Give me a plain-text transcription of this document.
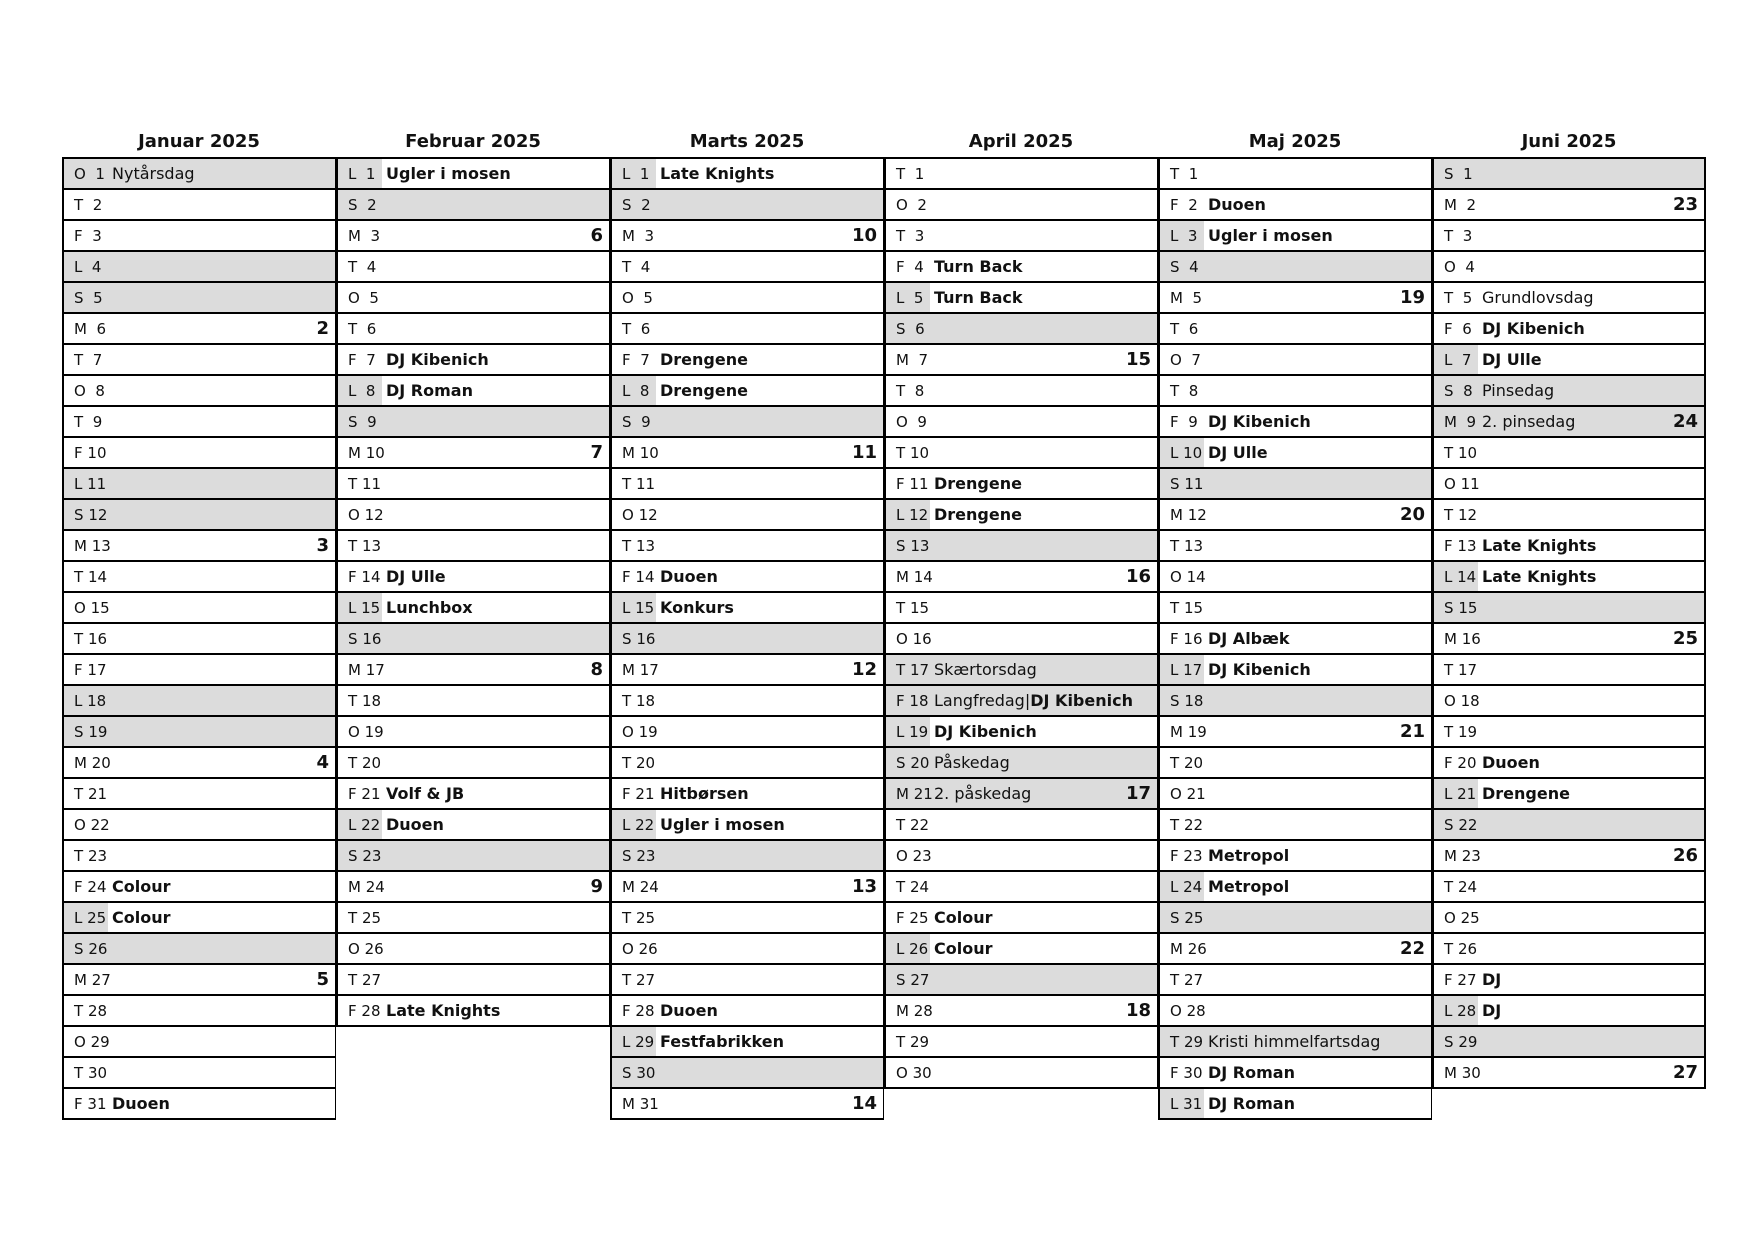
Januar 2025
O 1 Nytårsdag
T 2
F 3
L 4
S 5
M 6	2
T 7
O 8
T 9
F 10
L 11
S 12
M 13	3
T 14
O 15
T 16
F 17
L 18
S 19
M 20	4
T 21
O 22
T 23
F 24 Colour
L 25 Colour
S 26
M 27	5
T 28
O 29
T 30
F 31 Duoen
Februar 2025
L 1 Ugler i mosen
S 2
M 3	6
T 4
O 5
T 6
F 7 DJ Kibenich
L 8 DJ Roman
S 9
M 10	7
T 11
O 12
T 13
F 14 DJ Ulle
L 15 Lunchbox
S 16
M 17	8
T 18
O 19
T 20
F 21 Volf & JB
L 22 Duoen
S 23
M 24	9
T 25
O 26
T 27
F 28 Late Knights
Marts 2025
L 1 Late Knights
S 2
M 3	10
T 4
O 5
T 6
F 7 Drengene
L 8 Drengene
S 9
M 10	11
T 11
O 12
T 13
F 14 Duoen
L 15 Konkurs
S 16
M 17	12
T 18
O 19
T 20
F 21 Hitbørsen
L 22 Ugler i mosen
S 23
M 24	13
T 25
O 26
T 27
F 28 Duoen
L 29 Festfabrikken
S 30
M 31	14
April 2025
T 1
O 2
T 3
F 4 Turn Back
L 5 Turn Back
S 6
M 7	15
T 8
O 9
T 10
F 11 Drengene
L 12 Drengene
S 13
M 14	16
T 15
O 16
T 17 Skærtorsdag
F 18 Langfredag | DJ Kibenich
L 19 DJ Kibenich
S 20 Påskedag
M 21 2. påskedag	17
T 22
O 23
T 24
F 25 Colour
L 26 Colour
S 27
M 28	18
T 29
O 30
Maj 2025
T 1
F 2 Duoen
L 3 Ugler i mosen
S 4
M 5	19
T 6
O 7
T 8
F 9 DJ Kibenich
L 10 DJ Ulle
S 11
M 12	20
T 13
O 14
T 15
F 16 DJ Albæk
L 17 DJ Kibenich
S 18
M 19	21
T 20
O 21
T 22
F 23 Metropol
L 24 Metropol
S 25
M 26	22
T 27
O 28
T 29 Kristi himmelfartsdag
F 30 DJ Roman
L 31 DJ Roman
Juni 2025
S 1
M 2	23
T 3
O 4
T 5 Grundlovsdag
F 6 DJ Kibenich
L 7 DJ Ulle
S 8 Pinsedag
M 9 2. pinsedag	24
T 10
O 11
T 12
F 13 Late Knights
L 14 Late Knights
S 15
M 16	25
T 17
O 18
T 19
F 20 Duoen
L 21 Drengene
S 22
M 23	26
T 24
O 25
T 26
F 27 DJ
L 28 DJ
S 29
M 30	27
